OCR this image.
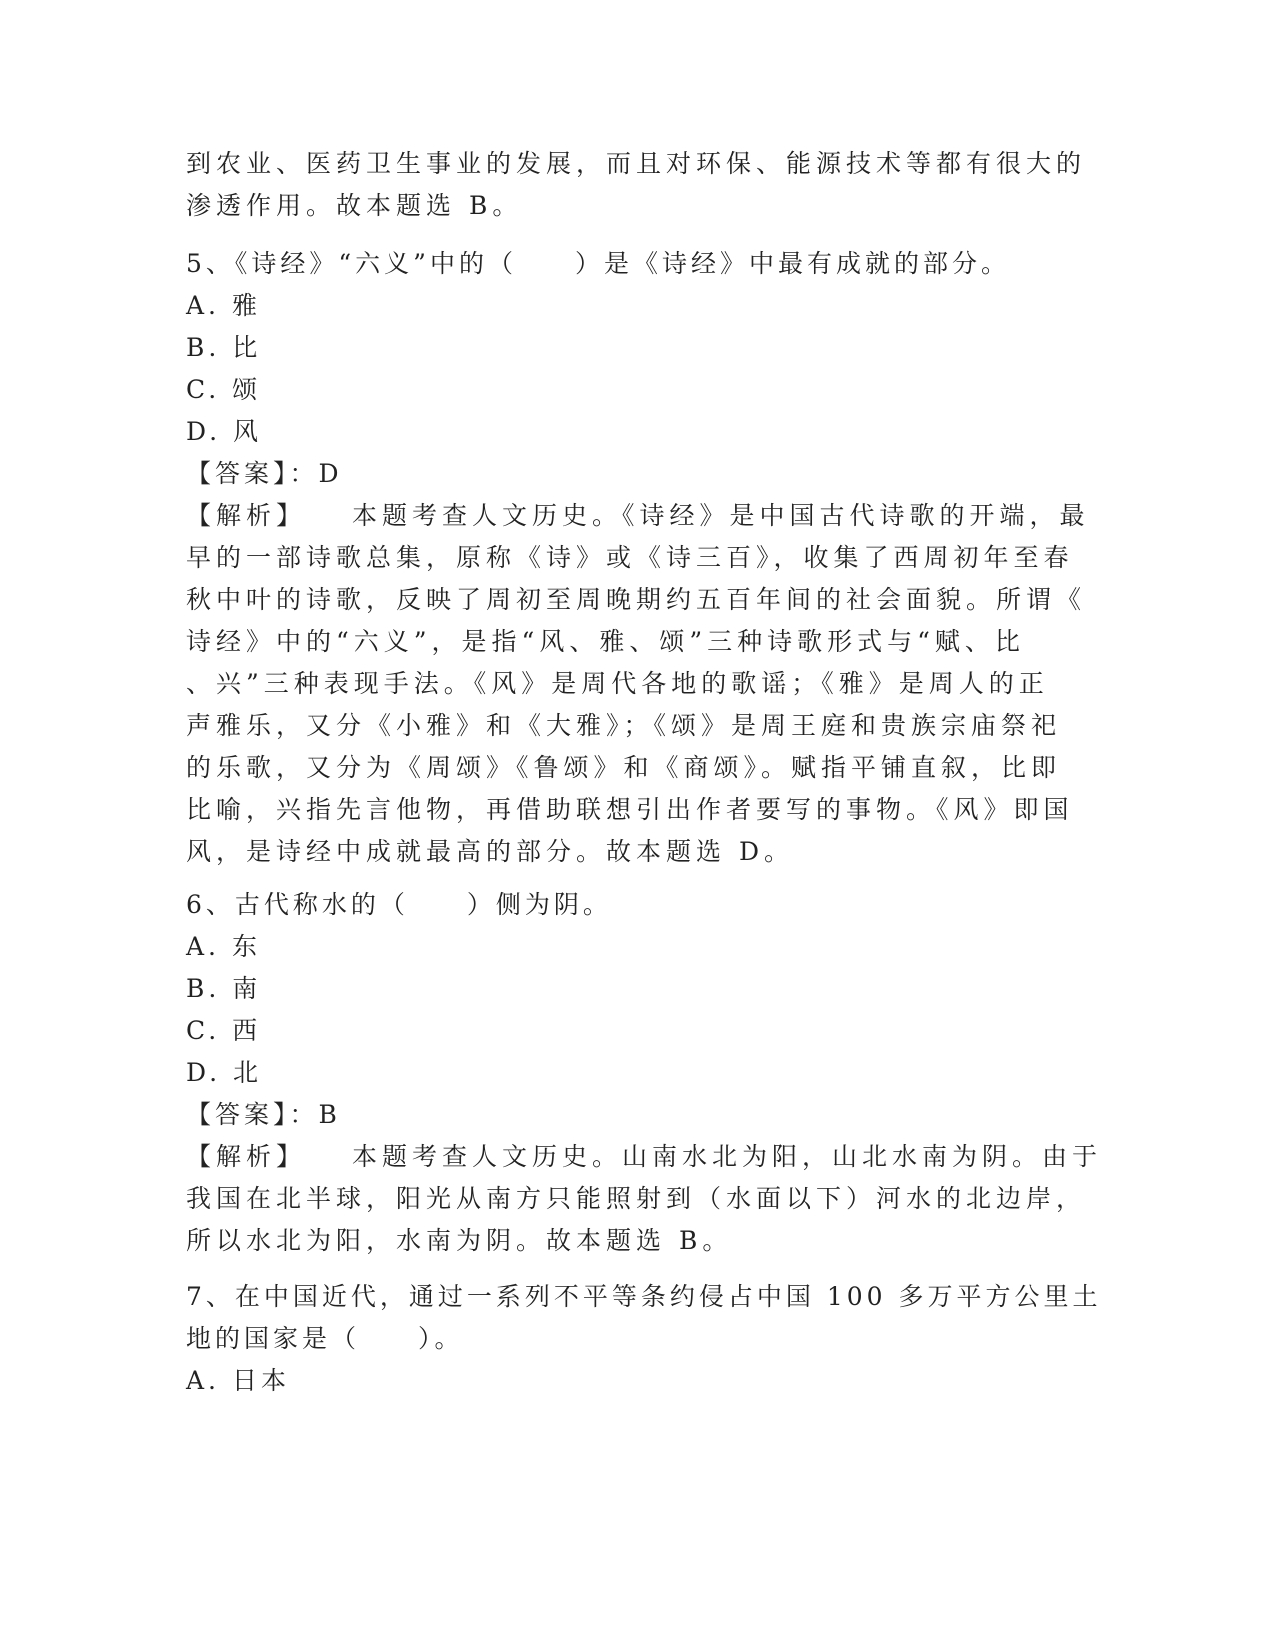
到农业、医药卫生事业的发展，而且对环保、能源技术等都有很大的
渗透作用。故本题选 B。
5、《诗经》“六义”中的（　　）是《诗经》中最有成就的部分。
A. 雅
B. 比
C. 颂
D. 风
【答案】：D
【解析】 本题考查人文历史。《诗经》是中国古代诗歌的开端，最
早的一部诗歌总集，原称《诗》或《诗三百》，收集了西周初年至春
秋中叶的诗歌，反映了周初至周晚期约五百年间的社会面貌。所谓《
诗经》中的“六义”，是指“风、雅、颂”三种诗歌形式与“赋、比
、兴”三种表现手法。《风》是周代各地的歌谣；《雅》是周人的正
声雅乐，又分《小雅》和《大雅》；《颂》是周王庭和贵族宗庙祭祀
的乐歌，又分为《周颂》《鲁颂》和《商颂》。赋指平铺直叙，比即
比喻，兴指先言他物，再借助联想引出作者要写的事物。《风》即国
风，是诗经中成就最高的部分。故本题选 D。
6、古代称水的（　　）侧为阴。
A. 东
B. 南
C. 西
D. 北
【答案】：B
【解析】 本题考查人文历史。山南水北为阳，山北水南为阴。由于
我国在北半球，阳光从南方只能照射到（水面以下）河水的北边岸，
所以水北为阳，水南为阴。故本题选 B。
7、在中国近代，通过一系列不平等条约侵占中国 100 多万平方公里土
地的国家是（　　）。
A. 日本
